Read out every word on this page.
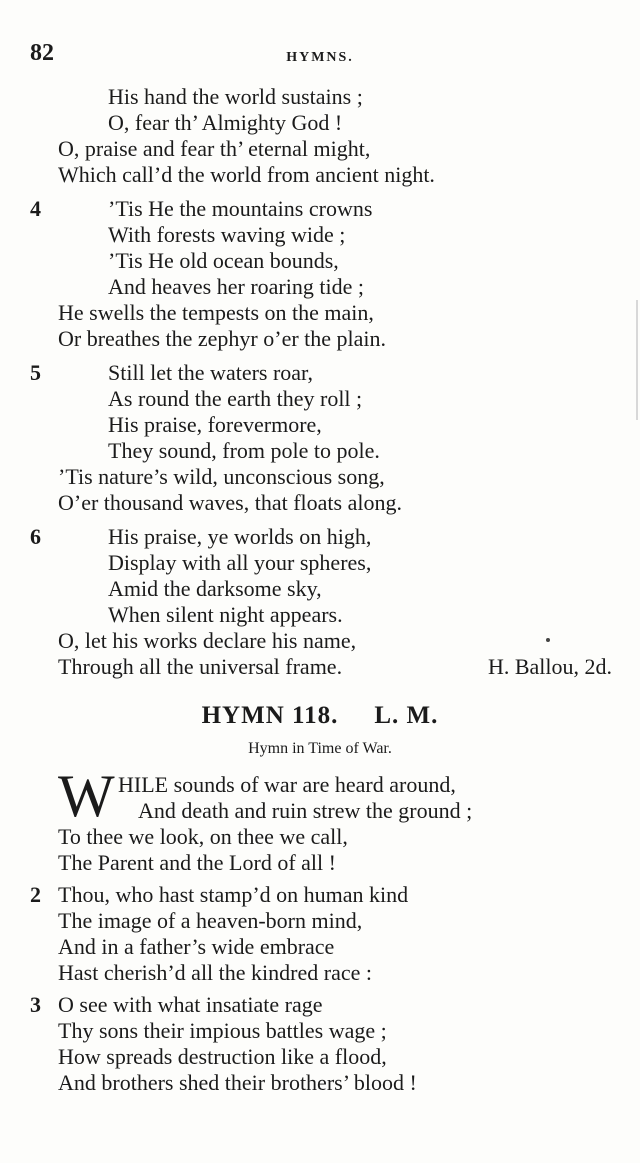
82	HYMNS.
His hand the world sustains ;
O, fear th’ Almighty God !
O, praise and fear th’ eternal might,
Which call’d the world from ancient night.
4	’Tis He the mountains crowns
With forests waving wide ;
’Tis He old ocean bounds,
And heaves her roaring tide ;
He swells the tempests on the main,
Or breathes the zephyr o’er the plain.
5	Still let the waters roar,
As round the earth they roll ;
His praise, forevermore,
They sound, from pole to pole.
’Tis nature’s wild, unconscious song,
O’er thousand waves, that floats along.
6	His praise, ye worlds on high,
Display with all your spheres,
Amid the darksome sky,
When silent night appears.
O, let his works declare his name,
Through all the universal frame.	H. Ballou, 2d.
HYMN 118. L. M.
Hymn in Time of War.
W HILE sounds of war are heard around,
And death and ruin strew the ground ;
To thee we look, on thee we call,
The Parent and the Lord of all !
2 Thou, who hast stamp’d on human kind
The image of a heaven-born mind,
And in a father’s wide embrace
Hast cherish’d all the kindred race :
3 O see with what insatiate rage
Thy sons their impious battles wage ;
How spreads destruction like a flood,
And brothers shed their brothers’ blood !
